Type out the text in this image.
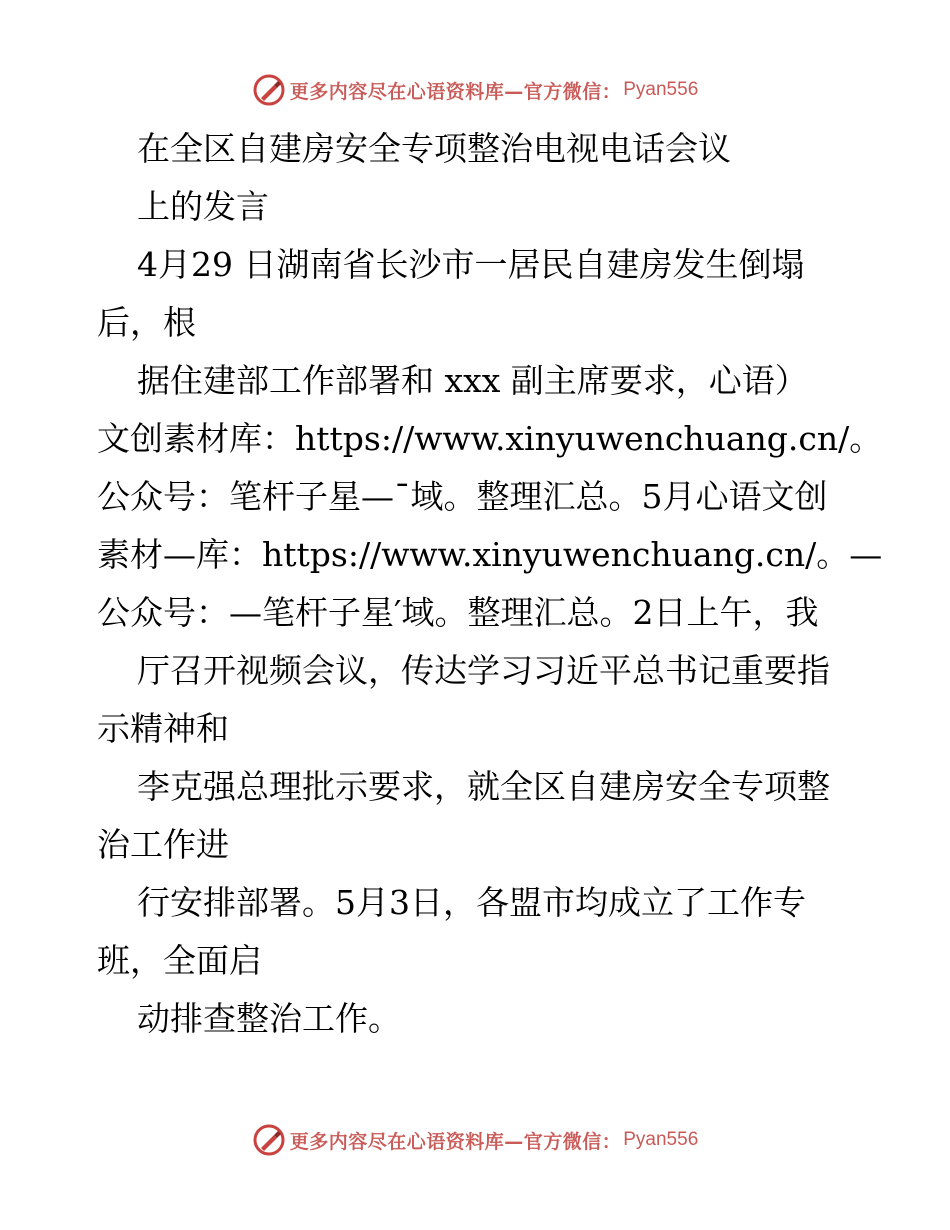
更多内容尽在心语资料库—官方微信： Pyan556
在全区自建房安全专项整治电视电话会议
上的发言
4月29 日湖南省长沙市一居民自建房发生倒塌
后，根
据住建部工作部署和 xxx 副主席要求，心语）
文创素材库：https://www.xinyuwenchuang.cn/。
公众号：笔杆子星—¯域。整理汇总。5月心语文创
素材—库：https://www.xinyuwenchuang.cn/。—
公众号：—笔杆子星′域。整理汇总。2日上午，我
厅召开视频会议，传达学习习近平总书记重要指
示精神和
李克强总理批示要求，就全区自建房安全专项整
治工作进
行安排部署。5月3日，各盟市均成立了工作专
班，全面启
动排查整治工作。
更多内容尽在心语资料库—官方微信： Pyan556
